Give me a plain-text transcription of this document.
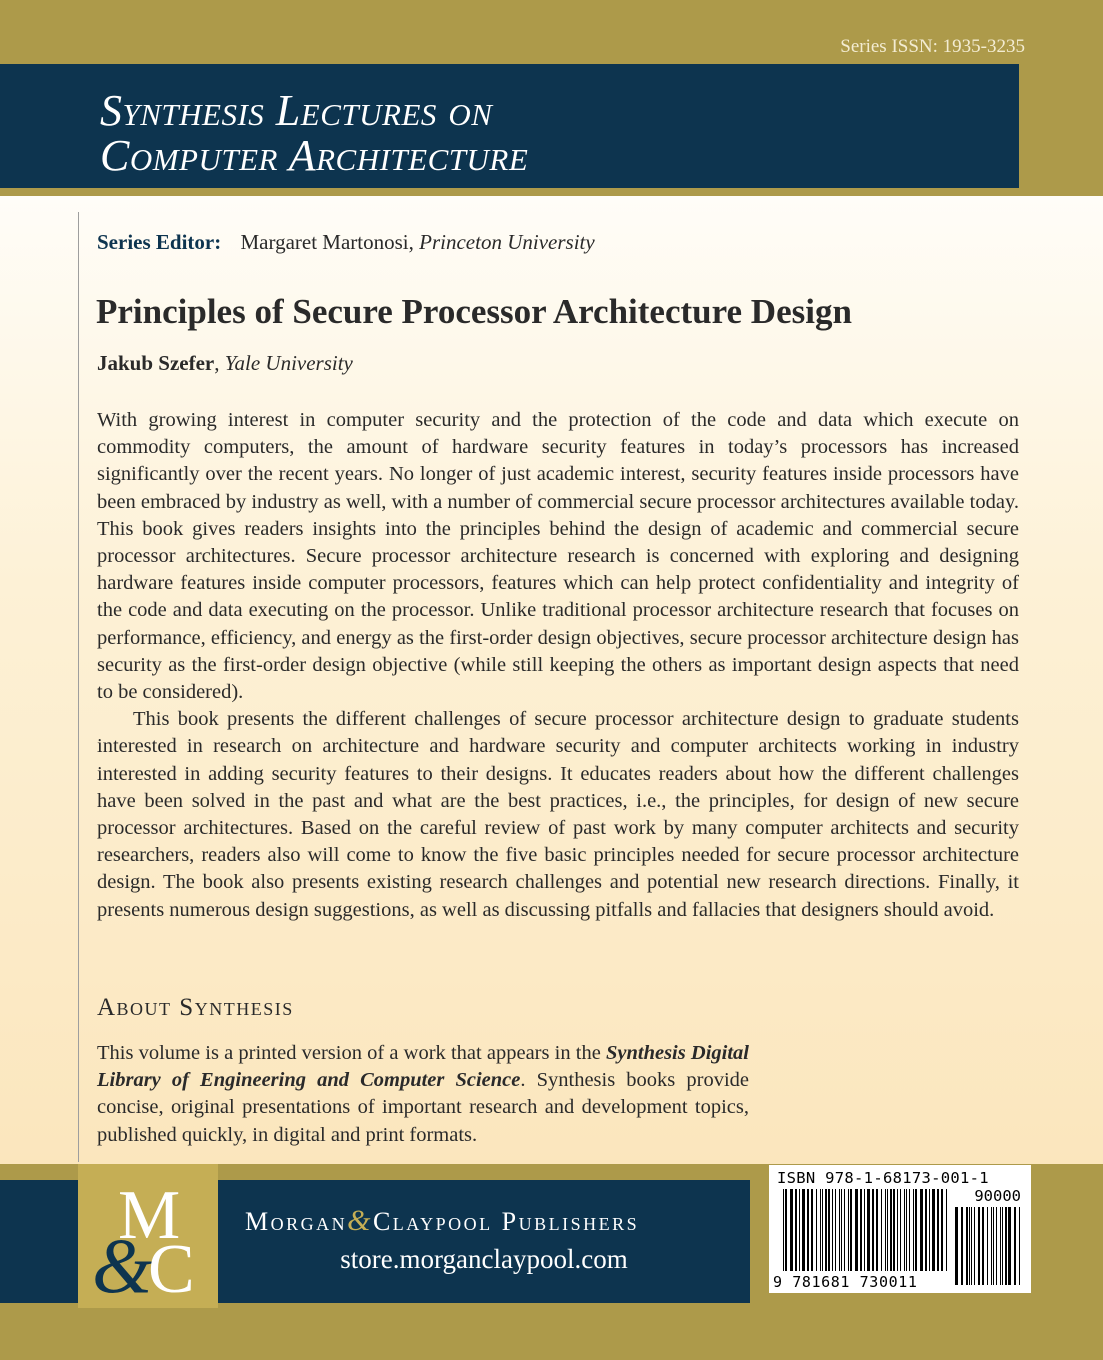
Series ISSN: 1935-3235
Synthesis Lectures on
Computer Architecture
Series Editor: Margaret Martonosi, Princeton University
Principles of Secure Processor Architecture Design
Jakub Szefer, Yale University

With growing interest in computer security and the protection of the code and data which execute on commodity computers, the amount of hardware security features in today’s processors has increased significantly over the recent years. No longer of just academic interest, security features inside processors have been embraced by industry as well, with a number of commercial secure processor architectures available today. This book gives readers insights into the principles behind the design of academic and commercial secure processor architectures. Secure processor architecture research is concerned with exploring and designing hardware features inside computer processors, features which can help protect confidentiality and integrity of the code and data executing on the processor. Unlike traditional processor architecture research that focuses on performance, efficiency, and energy as the first-order design objectives, secure processor architecture design has security as the first-order design objective (while still keeping the others as important design aspects that need to be considered).

This book presents the different challenges of secure processor architecture design to graduate students interested in research on architecture and hardware security and computer architects working in industry interested in adding security features to their designs. It educates readers about how the different challenges have been solved in the past and what are the best practices, i.e., the principles, for design of new secure processor architectures. Based on the careful review of past work by many computer architects and security researchers, readers also will come to know the five basic principles needed for secure processor architecture design. The book also presents existing research challenges and potential new research directions. Finally, it presents numerous design suggestions, as well as discussing pitfalls and fallacies that designers should avoid.

About Synthesis

This volume is a printed version of a work that appears in the Synthesis Digital Library of Engineering and Computer Science. Synthesis books provide concise, original presentations of important research and development topics, published quickly, in digital and print formats.

M
&
C
Morgan&Claypool Publishers
store.morganclaypool.com
ISBN 978-1-68173-001-1
90000
9 781681 730011
